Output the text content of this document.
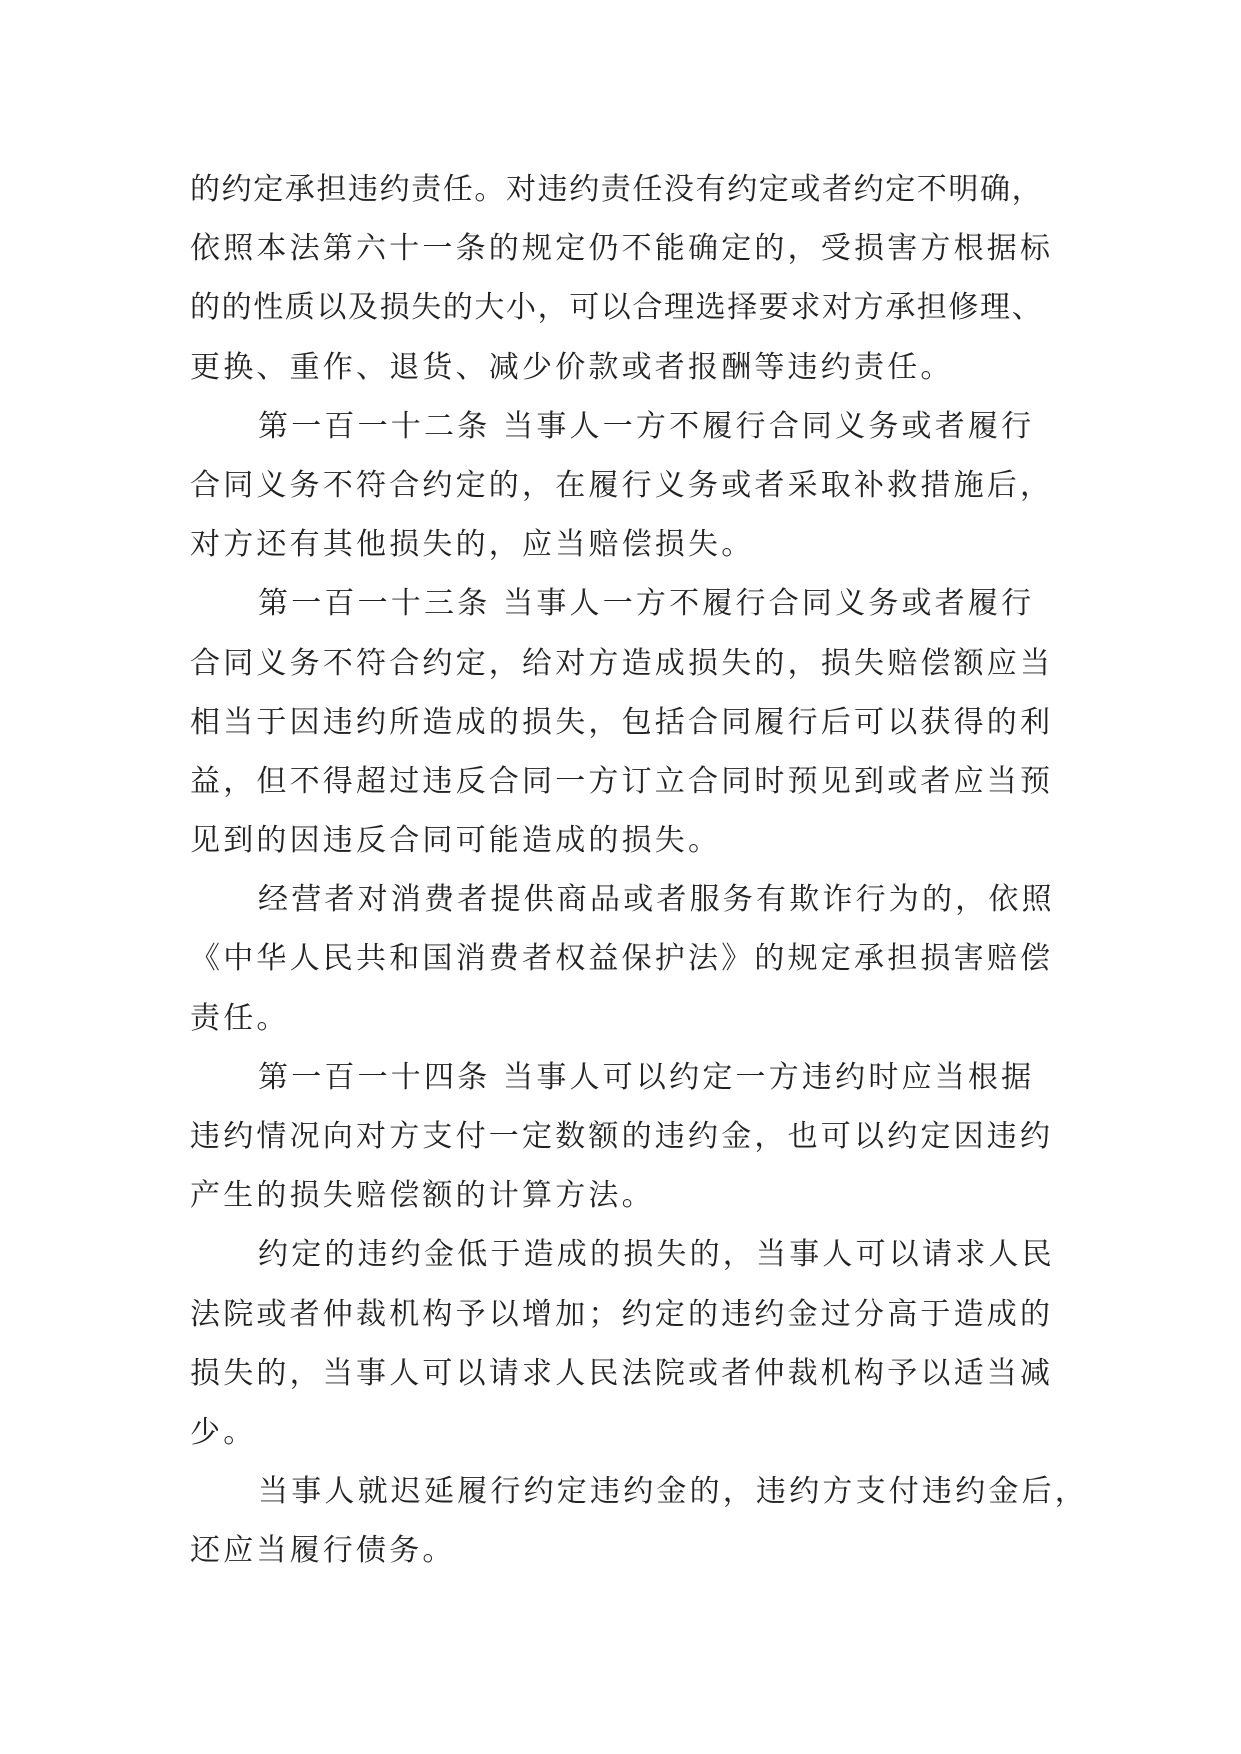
的约定承担违约责任。对违约责任没有约定或者约定不明确，
依照本法第六十一条的规定仍不能确定的，受损害方根据标
的的性质以及损失的大小，可以合理选择要求对方承担修理、
更换、重作、退货、减少价款或者报酬等违约责任。
第一百一十二条 当事人一方不履行合同义务或者履行
合同义务不符合约定的，在履行义务或者采取补救措施后，
对方还有其他损失的，应当赔偿损失。
第一百一十三条 当事人一方不履行合同义务或者履行
合同义务不符合约定，给对方造成损失的，损失赔偿额应当
相当于因违约所造成的损失，包括合同履行后可以获得的利
益，但不得超过违反合同一方订立合同时预见到或者应当预
见到的因违反合同可能造成的损失。
经营者对消费者提供商品或者服务有欺诈行为的，依照
《中华人民共和国消费者权益保护法》的规定承担损害赔偿
责任。
第一百一十四条 当事人可以约定一方违约时应当根据
违约情况向对方支付一定数额的违约金，也可以约定因违约
产生的损失赔偿额的计算方法。
约定的违约金低于造成的损失的，当事人可以请求人民
法院或者仲裁机构予以增加；约定的违约金过分高于造成的
损失的，当事人可以请求人民法院或者仲裁机构予以适当减
少。
当事人就迟延履行约定违约金的，违约方支付违约金后，
还应当履行债务。
